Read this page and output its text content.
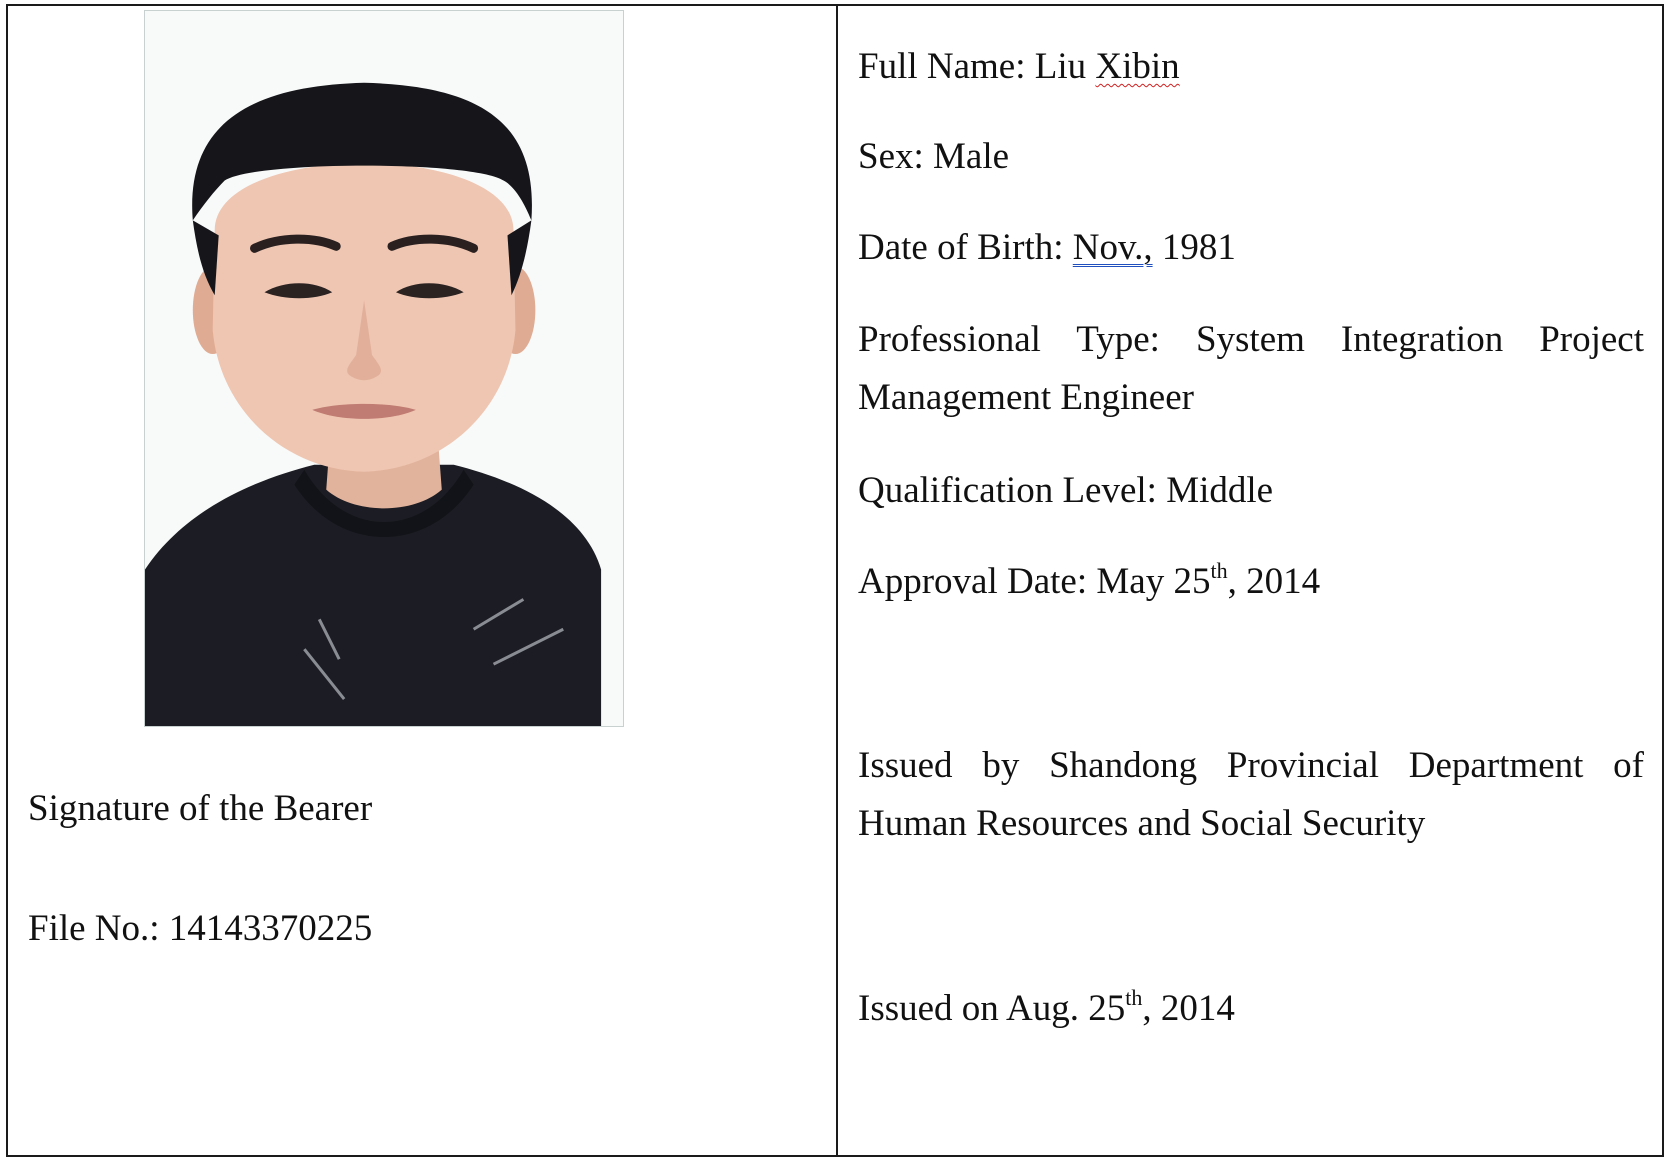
Signature of the Bearer
File No.: 14143370225
Full Name: Liu Xibin
Sex: Male
Date of Birth: Nov., 1981
Professional Type: System Integration Project Management Engineer
Qualification Level: Middle
Approval Date: May 25th, 2014
Issued by Shandong Provincial Department of Human Resources and Social Security
Issued on Aug. 25th, 2014
